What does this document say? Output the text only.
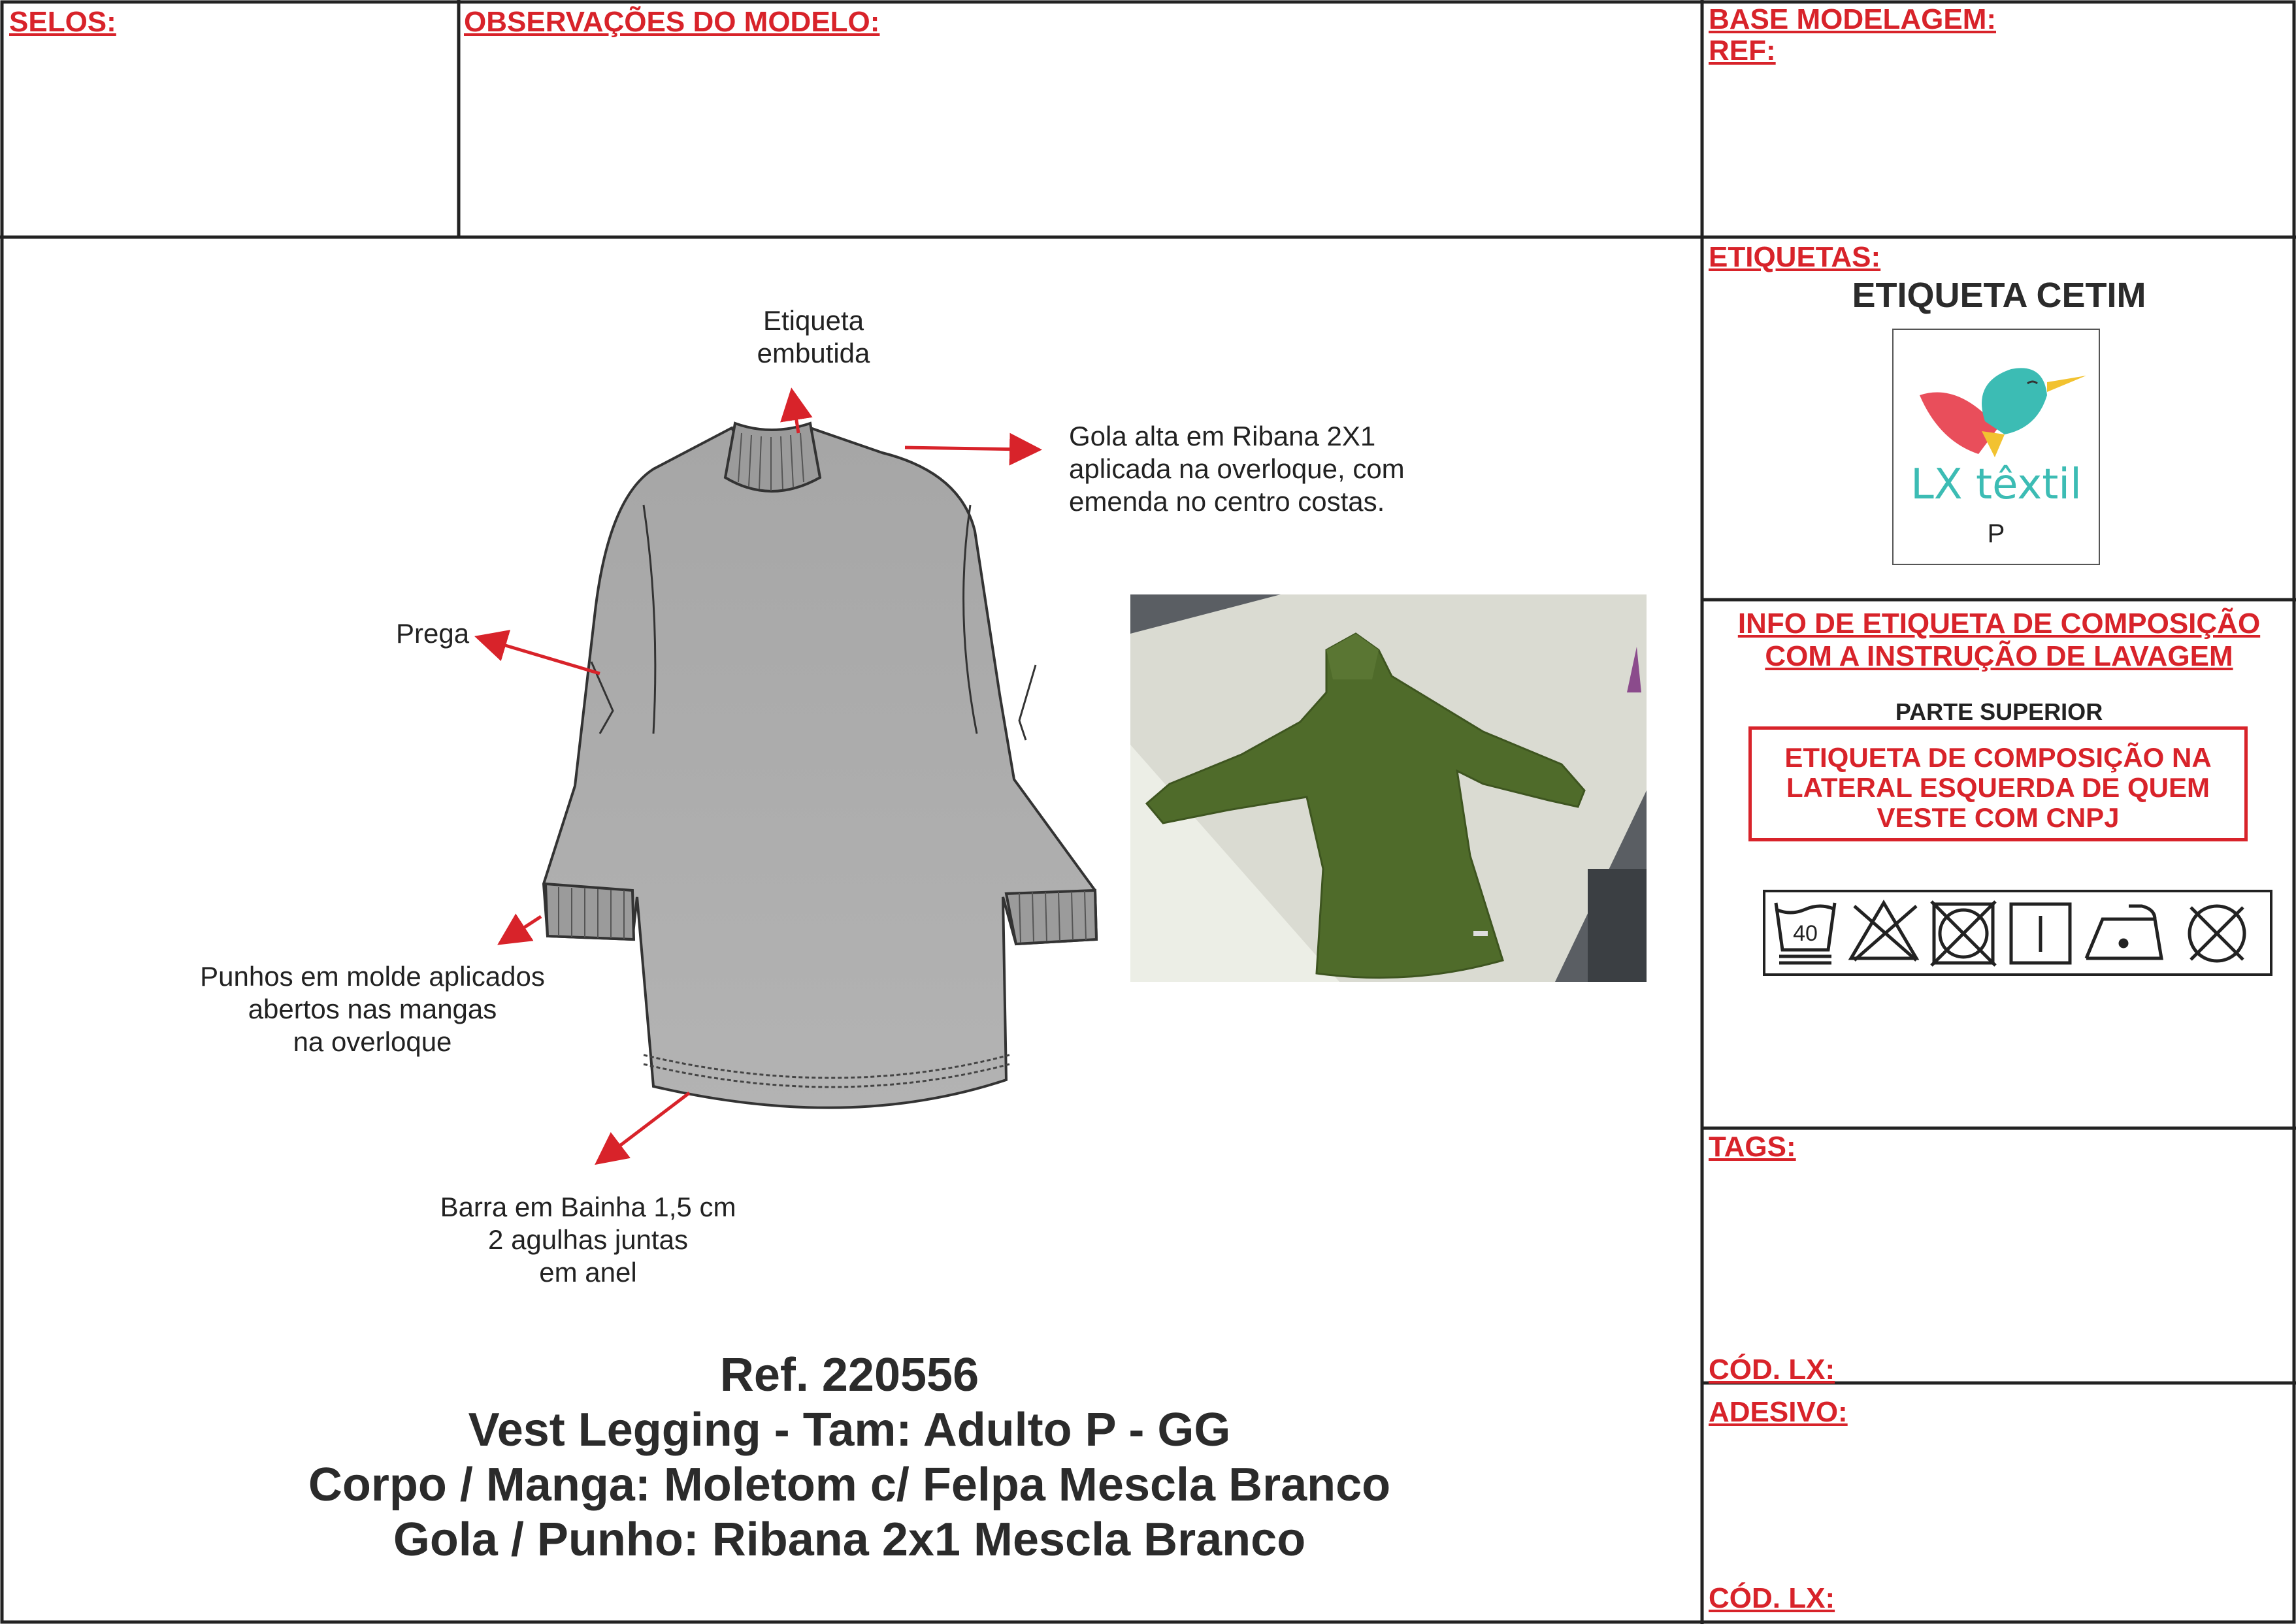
SELOS:	OBSERVAÇÕES DO MODELO:	BASE MODELAGEM:
REF:
Etiqueta
embutida
Gola alta em Ribana 2X1
aplicada na overloque, com
emenda no centro costas.
Prega
Punhos em molde aplicados
abertos nas mangas
na overloque
Barra em Bainha 1,5 cm
2 agulhas juntas
em anel
Ref. 220556
Vest Legging - Tam: Adulto P - GG
Corpo / Manga: Moletom c/ Felpa Mescla Branco
Gola / Punho: Ribana 2x1 Mescla Branco
ETIQUETAS:
ETIQUETA CETIM
LX têxtil
P
INFO DE ETIQUETA DE COMPOSIÇÃO
COM A INSTRUÇÃO DE LAVAGEM
PARTE SUPERIOR
ETIQUETA DE COMPOSIÇÃO NA
LATERAL ESQUERDA DE QUEM
VESTE COM CNPJ
40
TAGS:
CÓD. LX:
ADESIVO:
CÓD. LX:
